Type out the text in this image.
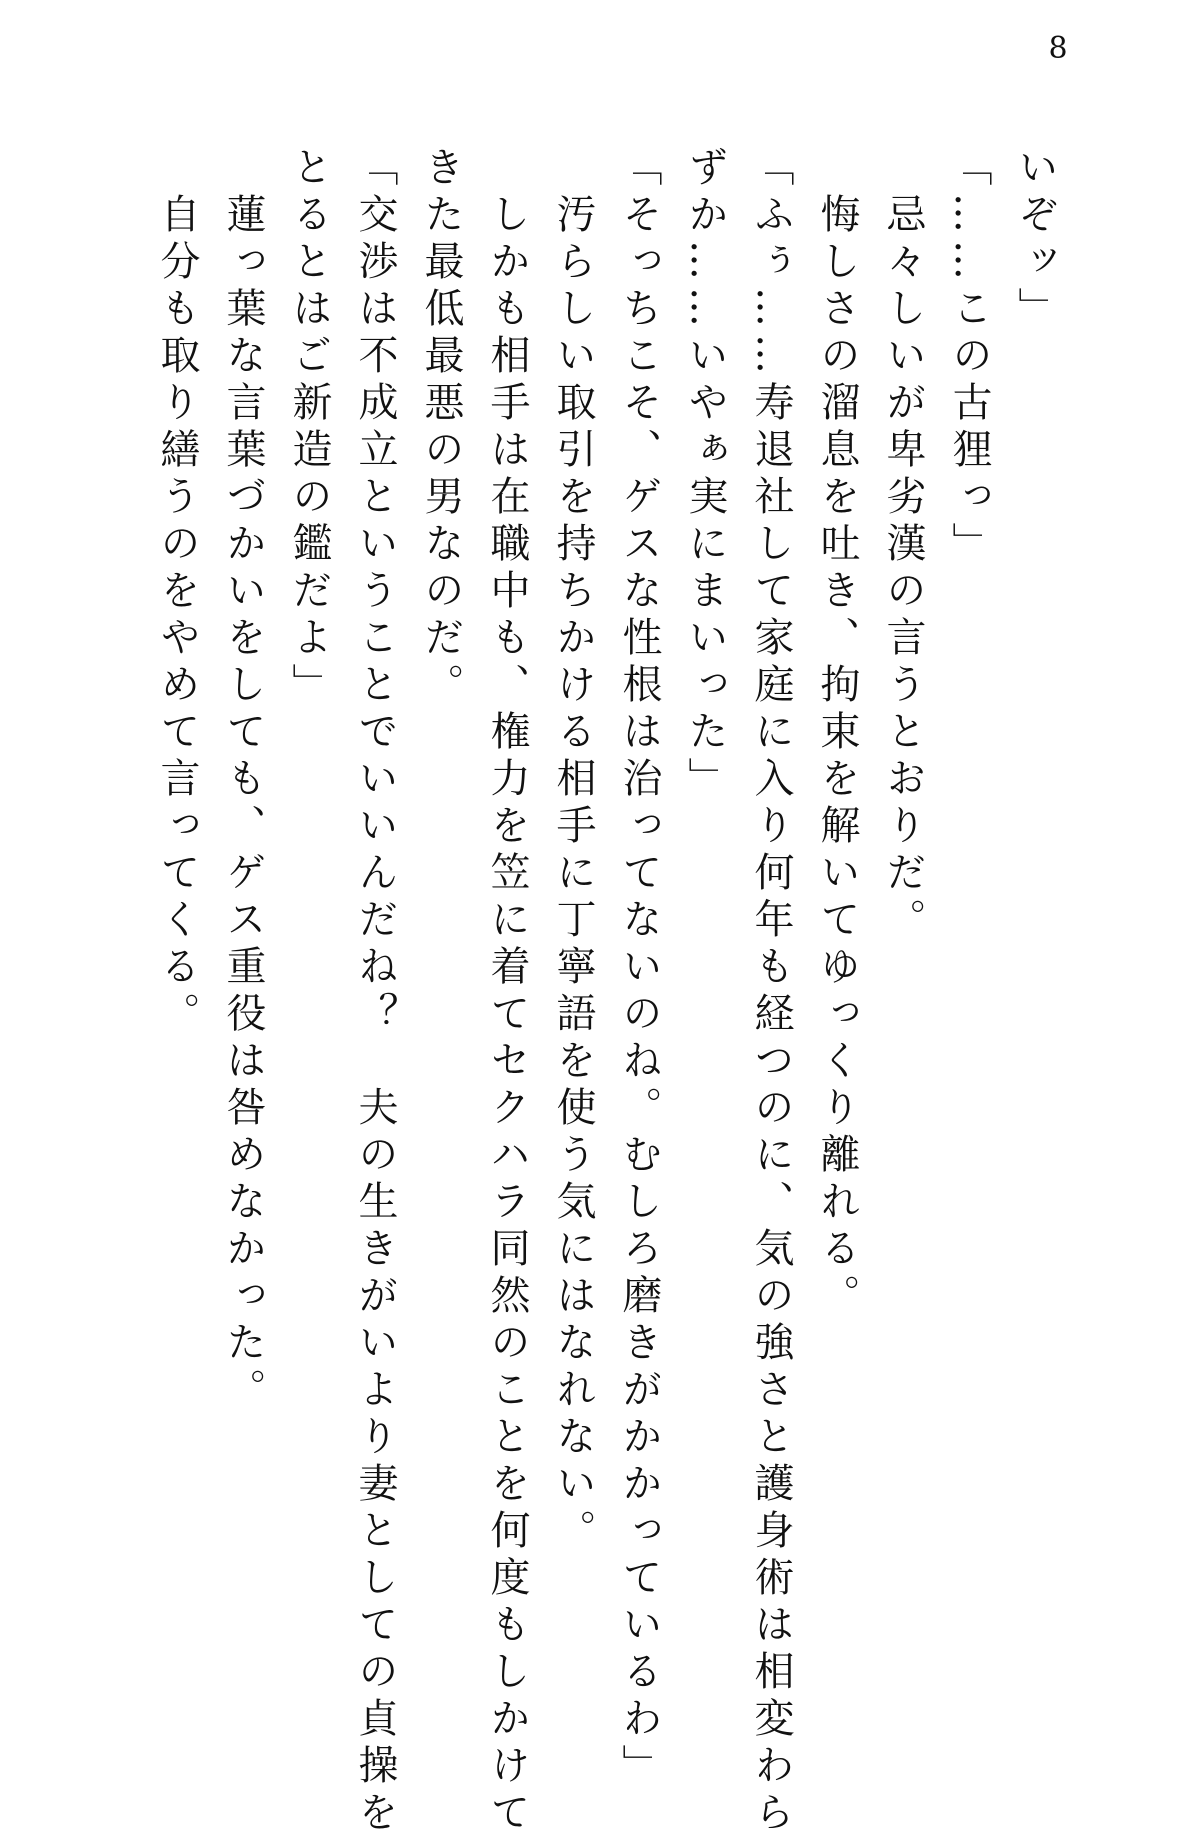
8

いぞッ」

「……この古狸っ」

　忌々しいが卑劣漢の言うとおりだ。

　悔しさの溜息を吐き、拘束を解いてゆっくり離れる。

「ふぅ……寿退社して家庭に入り何年も経つのに、気の強さと護身術は相変わら

ずか……いやぁ実にまいった」

「そっちこそ、ゲスな性根は治ってないのね。むしろ磨きがかかっているわ」

　汚らしい取引を持ちかける相手に丁寧語を使う気にはなれない。

　しかも相手は在職中も、権力を笠に着てセクハラ同然のことを何度もしかけて

きた最低最悪の男なのだ。

「交渉は不成立ということでいいんだね？　夫の生きがいより妻としての貞操を

とるとはご新造の鑑だよ」

　蓮っ葉な言葉づかいをしても、ゲス重役は咎めなかった。

　自分も取り繕うのをやめて言ってくる。
